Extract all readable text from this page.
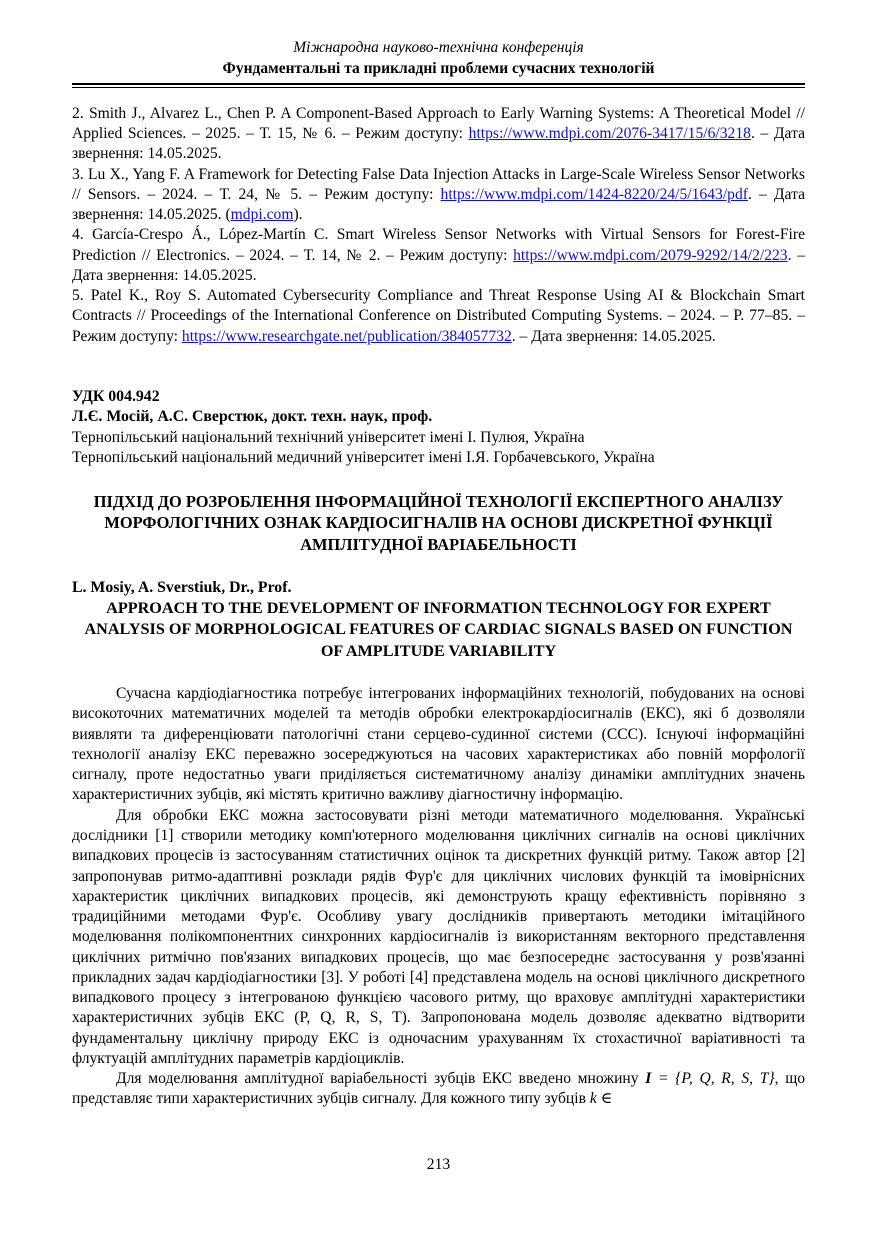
Міжнародна науково-технічна конференція
Фундаментальні та прикладні проблеми сучасних технологій

2. Smith J., Alvarez L., Chen P. A Component-Based Approach to Early Warning Systems: A Theoretical Model // Applied Sciences. – 2025. – Т. 15, № 6. – Режим доступу: https://www.mdpi.com/2076-3417/15/6/3218. – Дата звернення: 14.05.2025.

3. Lu X., Yang F. A Framework for Detecting False Data Injection Attacks in Large-Scale Wireless Sensor Networks // Sensors. – 2024. – Т. 24, № 5. – Режим доступу: https://www.mdpi.com/1424-8220/24/5/1643/pdf. – Дата звернення: 14.05.2025. (mdpi.com).

4. García-Crespo Á., López-Martín C. Smart Wireless Sensor Networks with Virtual Sensors for Forest-Fire Prediction // Electronics. – 2024. – Т. 14, № 2. – Режим доступу: https://www.mdpi.com/2079-9292/14/2/223. – Дата звернення: 14.05.2025.

5. Patel K., Roy S. Automated Cybersecurity Compliance and Threat Response Using AI & Blockchain Smart Contracts // Proceedings of the International Conference on Distributed Computing Systems. – 2024. – P. 77–85. – Режим доступу: https://www.researchgate.net/publication/384057732. – Дата звернення: 14.05.2025.

УДК 004.942

Л.Є. Мосій, А.С. Сверстюк, докт. техн. наук, проф.

Тернопільський національний технічний університет імені І. Пулюя, Україна

Тернопільський національний медичний університет імені І.Я. Горбачевського, Україна

ПІДХІД ДО РОЗРОБЛЕННЯ ІНФОРМАЦІЙНОЇ ТЕХНОЛОГІЇ ЕКСПЕРТНОГО АНАЛІЗУ МОРФОЛОГІЧНИХ ОЗНАК КАРДІОСИГНАЛІВ НА ОСНОВІ ДИСКРЕТНОЇ ФУНКЦІЇ АМПЛІТУДНОЇ ВАРІАБЕЛЬНОСТІ

L. Mosiy, A. Sverstiuk, Dr., Prof.

APPROACH TO THE DEVELOPMENT OF INFORMATION TECHNOLOGY FOR EXPERT ANALYSIS OF MORPHOLOGICAL FEATURES OF CARDIAC SIGNALS BASED ON FUNCTION OF AMPLITUDE VARIABILITY

Сучасна кардіодіагностика потребує інтегрованих інформаційних технологій, побудованих на основі високоточних математичних моделей та методів обробки електрокардіосигналів (ЕКС), які б дозволяли виявляти та диференціювати патологічні стани серцево-судинної системи (ССС). Існуючі інформаційні технології аналізу ЕКС переважно зосереджуються на часових характеристиках або повній морфології сигналу, проте недостатньо уваги приділяється систематичному аналізу динаміки амплітудних значень характеристичних зубців, які містять критично важливу діагностичну інформацію.

Для обробки ЕКС можна застосовувати різні методи математичного моделювання. Українські дослідники [1] створили методику комп'ютерного моделювання циклічних сигналів на основі циклічних випадкових процесів із застосуванням статистичних оцінок та дискретних функцій ритму. Також автор [2] запропонував ритмо-адаптивні розклади рядів Фур'є для циклічних числових функцій та імовірнісних характеристик циклічних випадкових процесів, які демонструють кращу ефективність порівняно з традиційними методами Фур'є. Особливу увагу дослідників привертають методики імітаційного моделювання полікомпонентних синхронних кардіосигналів із використанням векторного представлення циклічних ритмічно пов'язаних випадкових процесів, що має безпосереднє застосування у розв'язанні прикладних задач кардіодіагностики [3]. У роботі [4] представлена модель на основі циклічного дискретного випадкового процесу з інтегрованою функцією часового ритму, що враховує амплітудні характеристики характеристичних зубців ЕКС (P, Q, R, S, T). Запропонована модель дозволяє адекватно відтворити фундаментальну циклічну природу ЕКС із одночасним урахуванням їх стохастичної варіативності та флуктуацій амплітудних параметрів кардіоциклів.

Для моделювання амплітудної варіабельності зубців ЕКС введено множину I = {P, Q, R, S, T}, що представляє типи характеристичних зубців сигналу. Для кожного типу зубців k ∈

213
